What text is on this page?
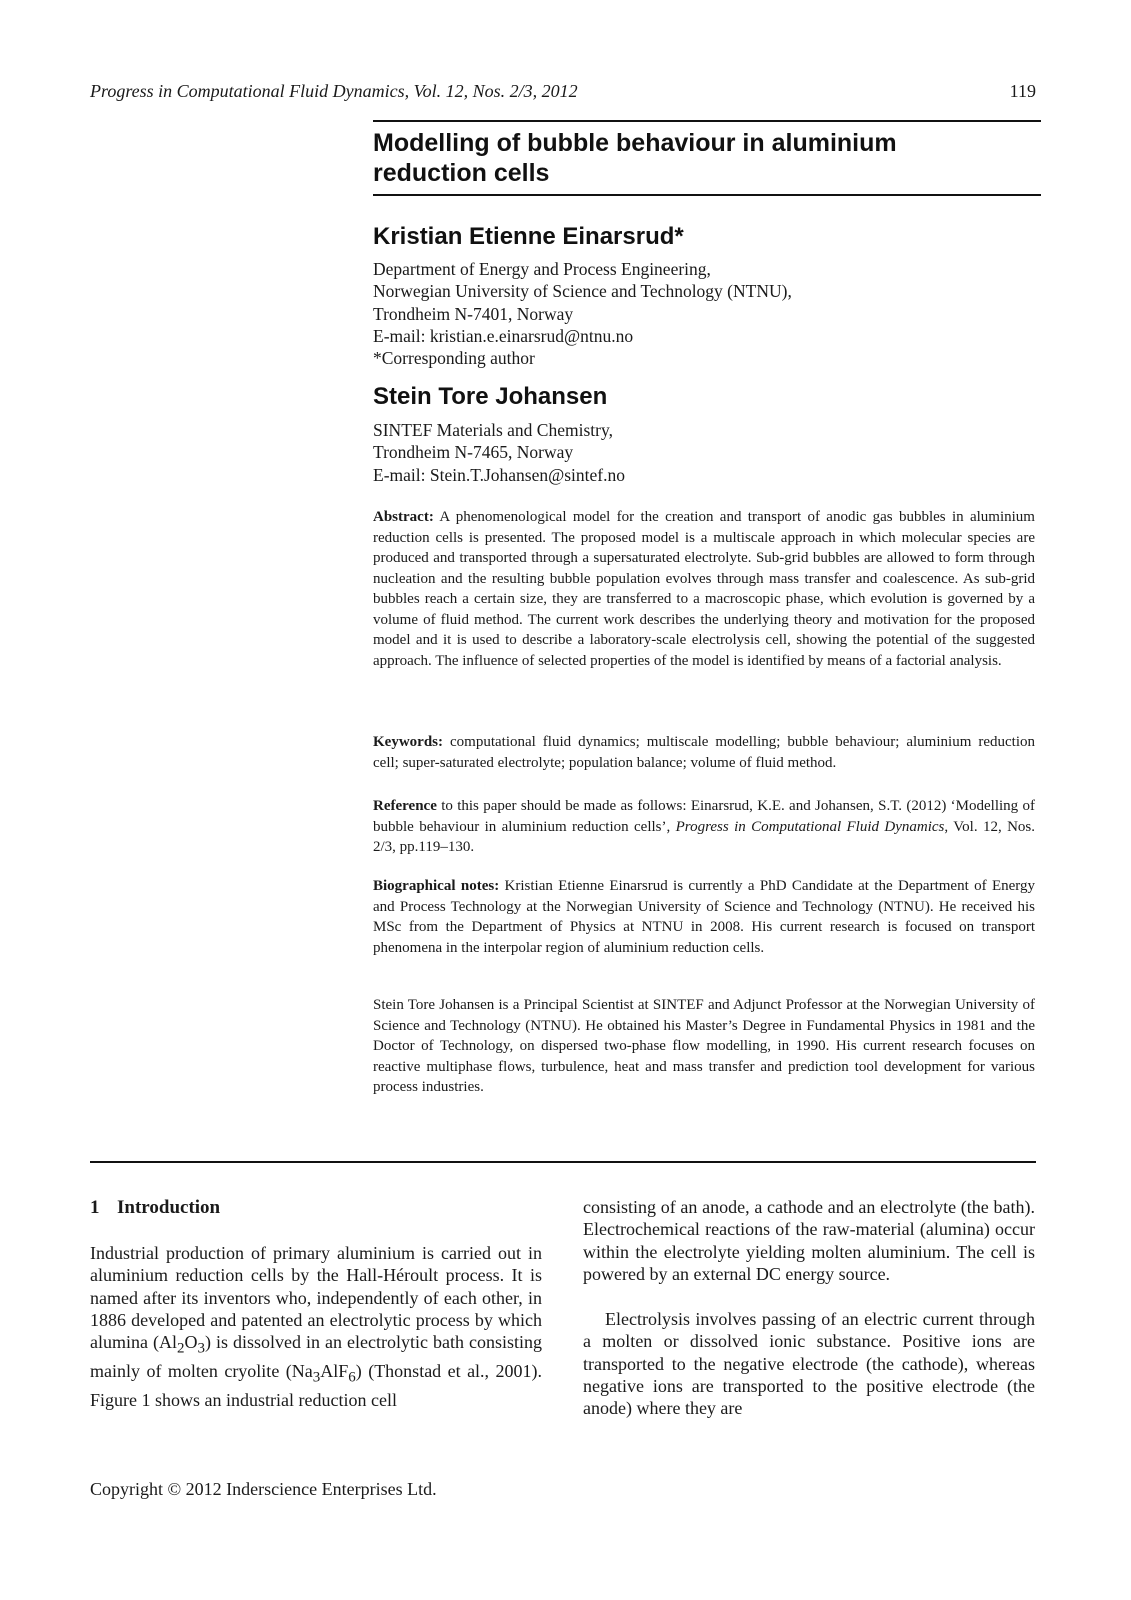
Progress in Computational Fluid Dynamics, Vol. 12, Nos. 2/3, 2012	119
Modelling of bubble behaviour in aluminium
reduction cells
Kristian Etienne Einarsrud*
Department of Energy and Process Engineering,
Norwegian University of Science and Technology (NTNU),
Trondheim N-7401, Norway
E-mail: kristian.e.einarsrud@ntnu.no
*Corresponding author
Stein Tore Johansen
SINTEF Materials and Chemistry,
Trondheim N-7465, Norway
E-mail: Stein.T.Johansen@sintef.no

Abstract: A phenomenological model for the creation and transport of anodic gas bubbles in aluminium reduction cells is presented. The proposed model is a multiscale approach in which molecular species are produced and transported through a supersaturated electrolyte. Sub-grid bubbles are allowed to form through nucleation and the resulting bubble population evolves through mass transfer and coalescence. As sub-grid bubbles reach a certain size, they are transferred to a macroscopic phase, which evolution is governed by a volume of fluid method. The current work describes the underlying theory and motivation for the proposed model and it is used to describe a laboratory-scale electrolysis cell, showing the potential of the suggested approach. The influence of selected properties of the model is identified by means of a factorial analysis.

Keywords: computational fluid dynamics; multiscale modelling; bubble behaviour; aluminium reduction cell; super-saturated electrolyte; population balance; volume of fluid method.

Reference to this paper should be made as follows: Einarsrud, K.E. and Johansen, S.T. (2012) ‘Modelling of bubble behaviour in aluminium reduction cells’, Progress in Computational Fluid Dynamics, Vol. 12, Nos. 2/3, pp.119–130.

Biographical notes: Kristian Etienne Einarsrud is currently a PhD Candidate at the Department of Energy and Process Technology at the Norwegian University of Science and Technology (NTNU). He received his MSc from the Department of Physics at NTNU in 2008. His current research is focused on transport phenomena in the interpolar region of aluminium reduction cells.

Stein Tore Johansen is a Principal Scientist at SINTEF and Adjunct Professor at the Norwegian University of Science and Technology (NTNU). He obtained his Master’s Degree in Fundamental Physics in 1981 and the Doctor of Technology, on dispersed two-phase flow modelling, in 1990. His current research focuses on reactive multiphase flows, turbulence, heat and mass transfer and prediction tool development for various process industries.

1 Introduction

Industrial production of primary aluminium is carried out in aluminium reduction cells by the Hall-Héroult process. It is named after its inventors who, independently of each other, in 1886 developed and patented an electrolytic process by which alumina $(Al_2O_3)$ is dissolved in an electrolytic bath consisting mainly of molten cryolite $(Na_3AlF_6)$ (Thonstad et al., 2001). Figure 1 shows an industrial reduction cell

consisting of an anode, a cathode and an electrolyte (the bath). Electrochemical reactions of the raw-material (alumina) occur within the electrolyte yielding molten aluminium. The cell is powered by an external DC energy source.

Electrolysis involves passing of an electric current through a molten or dissolved ionic substance. Positive ions are transported to the negative electrode (the cathode), whereas negative ions are transported to the positive electrode (the anode) where they are

Copyright © 2012 Inderscience Enterprises Ltd.
